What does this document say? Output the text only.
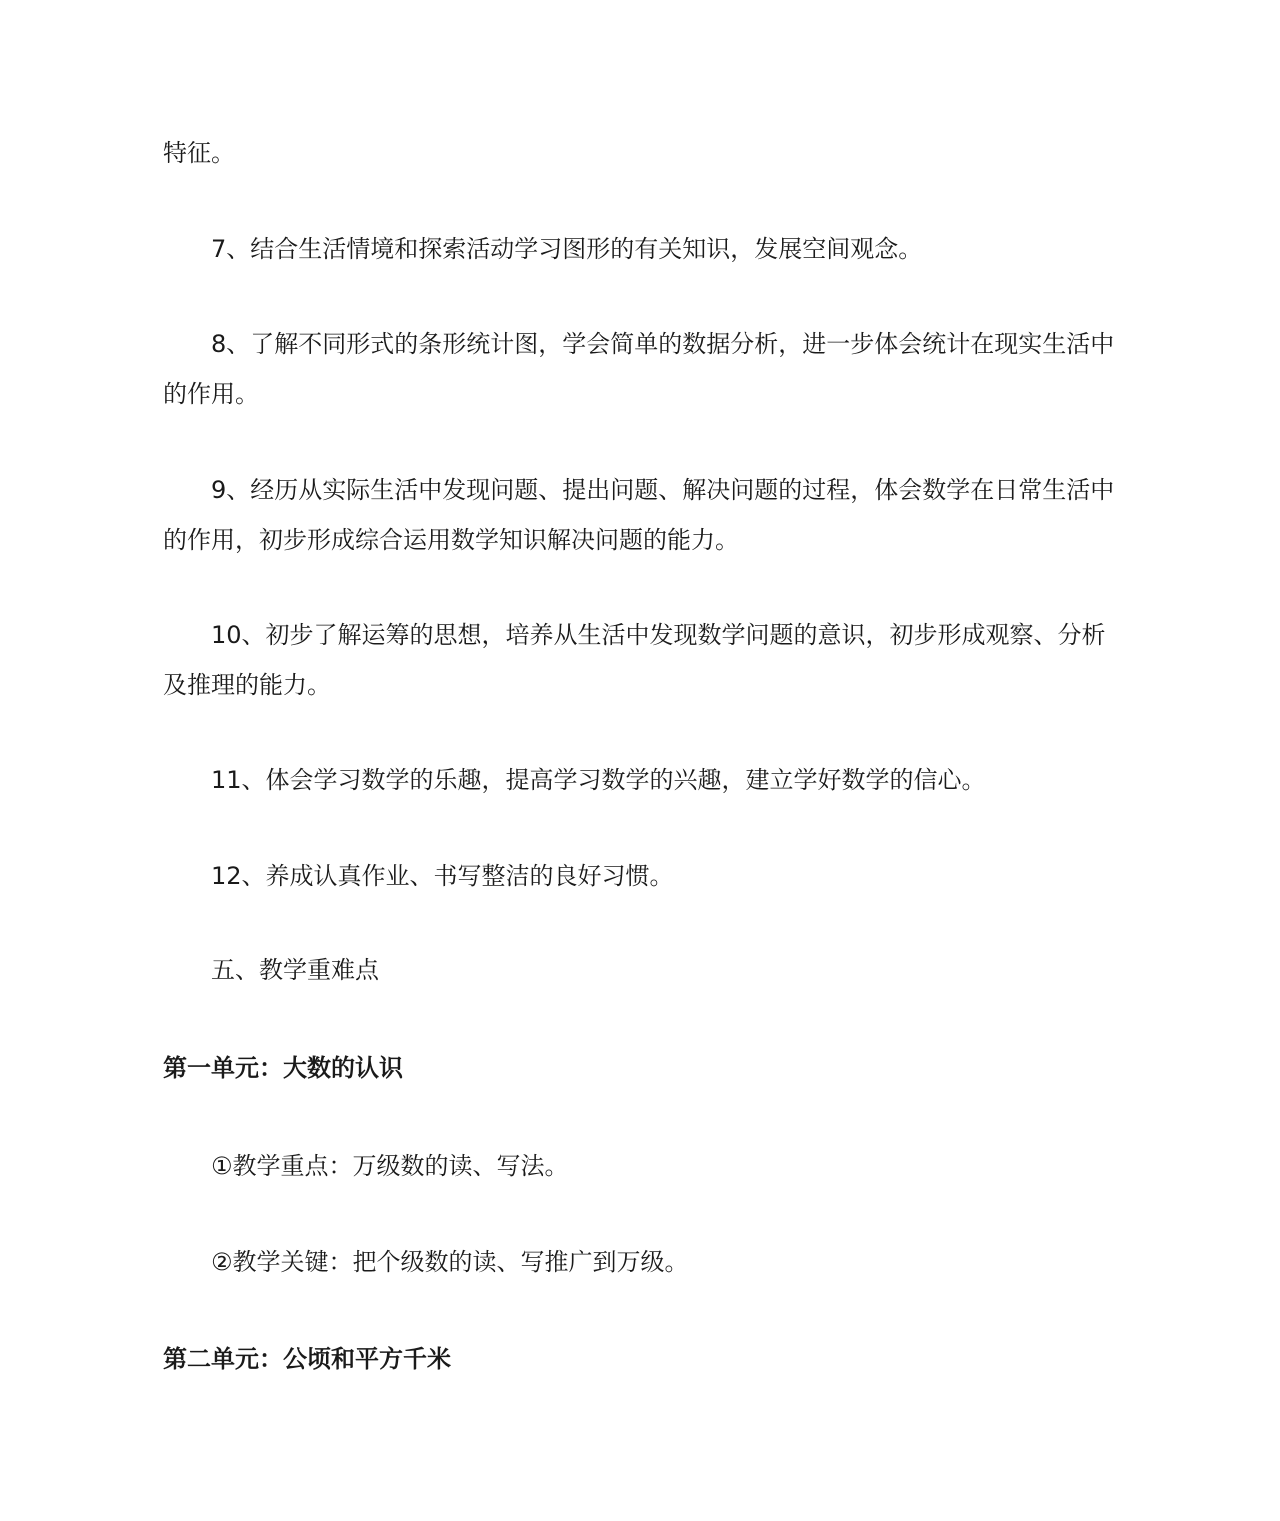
特征。

7、结合生活情境和探索活动学习图形的有关知识，发展空间观念。

8、了解不同形式的条形统计图，学会简单的数据分析，进一步体会统计在现实生活中的作用。

9、经历从实际生活中发现问题、提出问题、解决问题的过程，体会数学在日常生活中的作用，初步形成综合运用数学知识解决问题的能力。

10、初步了解运筹的思想，培养从生活中发现数学问题的意识，初步形成观察、分析及推理的能力。

11、体会学习数学的乐趣，提高学习数学的兴趣，建立学好数学的信心。

12、养成认真作业、书写整洁的良好习惯。

五、教学重难点

第一单元：大数的认识

①教学重点：万级数的读、写法。

②教学关键：把个级数的读、写推广到万级。

第二单元：公顷和平方千米
